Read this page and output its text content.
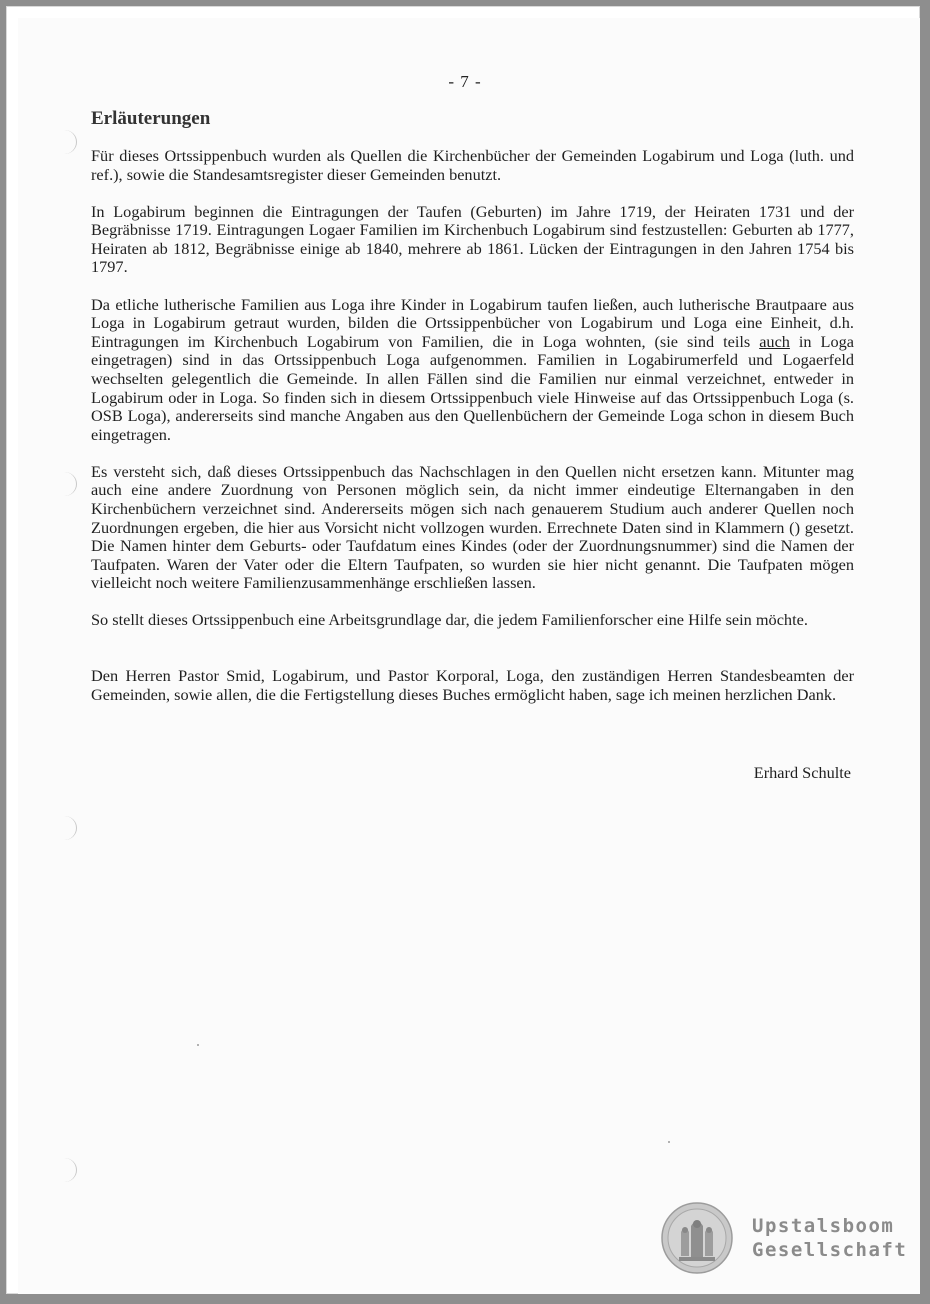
- 7 -
Erläuterungen

Für dieses Ortssippenbuch wurden als Quellen die Kirchenbücher der Gemeinden Logabirum und Loga (luth. und ref.), sowie die Standesamtsregister dieser Gemeinden benutzt.

In Logabirum beginnen die Eintragungen der Taufen (Geburten) im Jahre 1719, der Heiraten 1731 und der Begräbnisse 1719. Eintragungen Logaer Familien im Kirchenbuch Logabirum sind festzustellen: Geburten ab 1777, Heiraten ab 1812, Begräbnisse einige ab 1840, mehrere ab 1861. Lücken der Eintragungen in den Jahren 1754 bis 1797.

Da etliche lutherische Familien aus Loga ihre Kinder in Logabirum taufen ließen, auch lutherische Brautpaare aus Loga in Logabirum getraut wurden, bilden die Ortssippenbücher von Logabirum und Loga eine Einheit, d.h. Eintragungen im Kirchenbuch Logabirum von Familien, die in Loga wohnten, (sie sind teils auch in Loga eingetragen) sind in das Ortssippenbuch Loga aufgenommen. Familien in Logabirumerfeld und Logaerfeld wechselten gelegentlich die Gemeinde. In allen Fällen sind die Familien nur einmal verzeichnet, entweder in Logabirum oder in Loga. So finden sich in diesem Ortssippenbuch viele Hinweise auf das Ortssippenbuch Loga (s. OSB Loga), andererseits sind manche Angaben aus den Quellenbüchern der Gemeinde Loga schon in diesem Buch eingetragen.

Es versteht sich, daß dieses Ortssippenbuch das Nachschlagen in den Quellen nicht ersetzen kann. Mitunter mag auch eine andere Zuordnung von Personen möglich sein, da nicht immer eindeutige Elternangaben in den Kirchenbüchern verzeichnet sind. Andererseits mögen sich nach genauerem Studium auch anderer Quellen noch Zuordnungen ergeben, die hier aus Vorsicht nicht vollzogen wurden. Errechnete Daten sind in Klammern () gesetzt. Die Namen hinter dem Geburts- oder Taufdatum eines Kindes (oder der Zuordnungsnummer) sind die Namen der Taufpaten. Waren der Vater oder die Eltern Taufpaten, so wurden sie hier nicht genannt. Die Taufpaten mögen vielleicht noch weitere Familienzusammenhänge erschließen lassen.

So stellt dieses Ortssippenbuch eine Arbeitsgrundlage dar, die jedem Familienforscher eine Hilfe sein möchte.

Den Herren Pastor Smid, Logabirum, und Pastor Korporal, Loga, den zuständigen Herren Standesbeamten der Gemeinden, sowie allen, die die Fertigstellung dieses Buches ermöglicht haben, sage ich meinen herzlichen Dank.

Erhard Schulte
Upstalsboom
Gesellschaft
